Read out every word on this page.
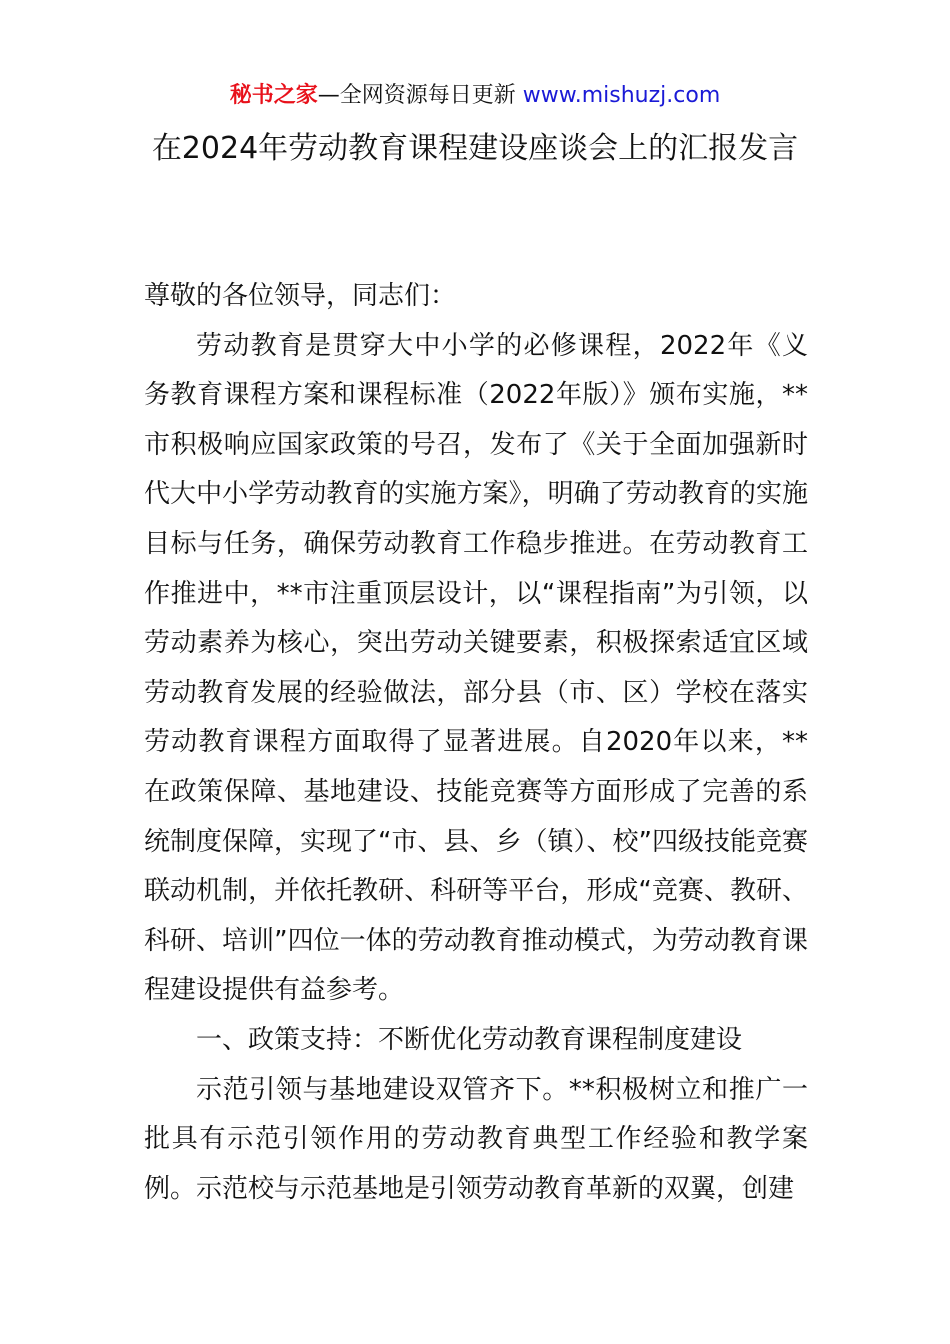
秘书之家—全网资源每日更新 www.mishuzj.com
在2024年劳动教育课程建设座谈会上的汇报发言

尊敬的各位领导，同志们：

劳动教育是贯穿大中小学的必修课程，2022年《义务教育课程方案和课程标准（2022年版）》颁布实施，**市积极响应国家政策的号召，发布了《关于全面加强新时代大中小学劳动教育的实施方案》，明确了劳动教育的实施目标与任务，确保劳动教育工作稳步推进。在劳动教育工作推进中，**市注重顶层设计，以“课程指南”为引领，以劳动素养为核心，突出劳动关键要素，积极探索适宜区域劳动教育发展的经验做法，部分县（市、区）学校在落实劳动教育课程方面取得了显著进展。自2020年以来，**在政策保障、基地建设、技能竞赛等方面形成了完善的系统制度保障，实现了“市、县、乡（镇）、校”四级技能竞赛联动机制，并依托教研、科研等平台，形成“竞赛、教研、科研、培训”四位一体的劳动教育推动模式，为劳动教育课程建设提供有益参考。

一、政策支持：不断优化劳动教育课程制度建设

示范引领与基地建设双管齐下。**积极树立和推广一批具有示范引领作用的劳动教育典型工作经验和教学案例。示范校与示范基地是引领劳动教育革新的双翼，创建
